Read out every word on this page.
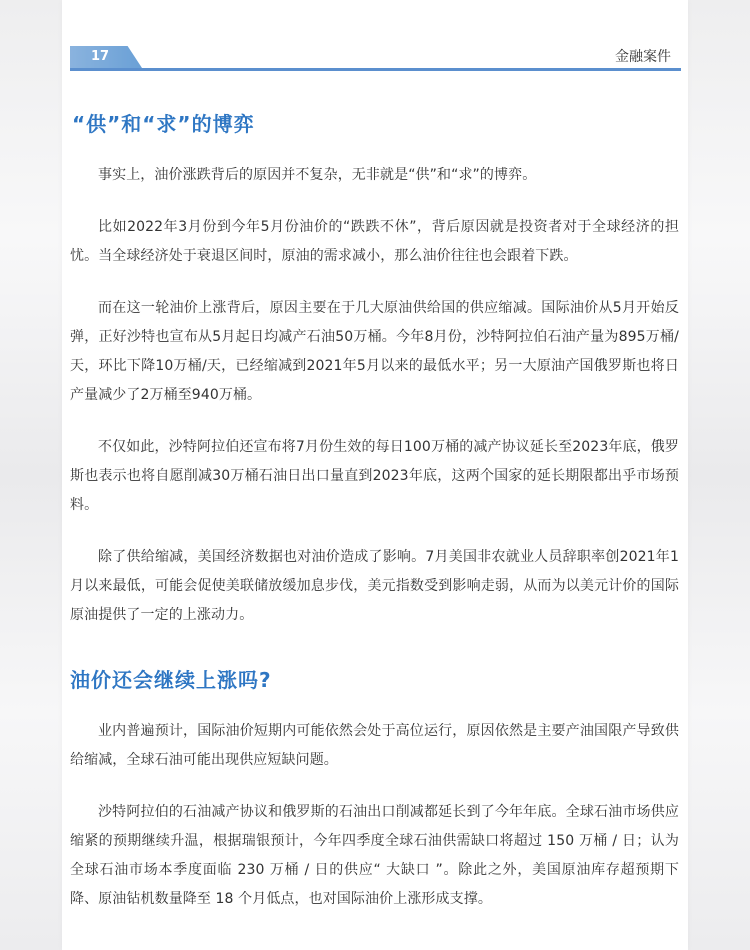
17	金融案件
“供”和“求”的博弈

事实上，油价涨跌背后的原因并不复杂，无非就是“供”和“求”的博弈。

比如2022年3月份到今年5月份油价的“跌跌不休”，背后原因就是投资者对于全球经济的担忧。当全球经济处于衰退区间时，原油的需求减小，那么油价往往也会跟着下跌。

而在这一轮油价上涨背后，原因主要在于几大原油供给国的供应缩减。国际油价从5月开始反弹，正好沙特也宣布从5月起日均减产石油50万桶。今年8月份，沙特阿拉伯石油产量为895万桶/天，环比下降10万桶/天，已经缩减到2021年5月以来的最低水平；另一大原油产国俄罗斯也将日产量减少了2万桶至940万桶。

不仅如此，沙特阿拉伯还宣布将7月份生效的每日100万桶的减产协议延长至2023年底，俄罗斯也表示也将自愿削减30万桶石油日出口量直到2023年底，这两个国家的延长期限都出乎市场预料。

除了供给缩减，美国经济数据也对油价造成了影响。7月美国非农就业人员辞职率创2021年1月以来最低，可能会促使美联储放缓加息步伐，美元指数受到影响走弱，从而为以美元计价的国际原油提供了一定的上涨动力。

油价还会继续上涨吗?

业内普遍预计，国际油价短期内可能依然会处于高位运行，原因依然是主要产油国限产导致供给缩减，全球石油可能出现供应短缺问题。

沙特阿拉伯的石油减产协议和俄罗斯的石油出口削减都延长到了今年年底。全球石油市场供应缩紧的预期继续升温，根据瑞银预计，今年四季度全球石油供需缺口将超过 150 万桶 / 日；认为全球石油市场本季度面临 230 万桶 / 日的供应“ 大缺口 ”。除此之外，美国原油库存超预期下降、原油钻机数量降至 18 个月低点，也对国际油价上涨形成支撑。
